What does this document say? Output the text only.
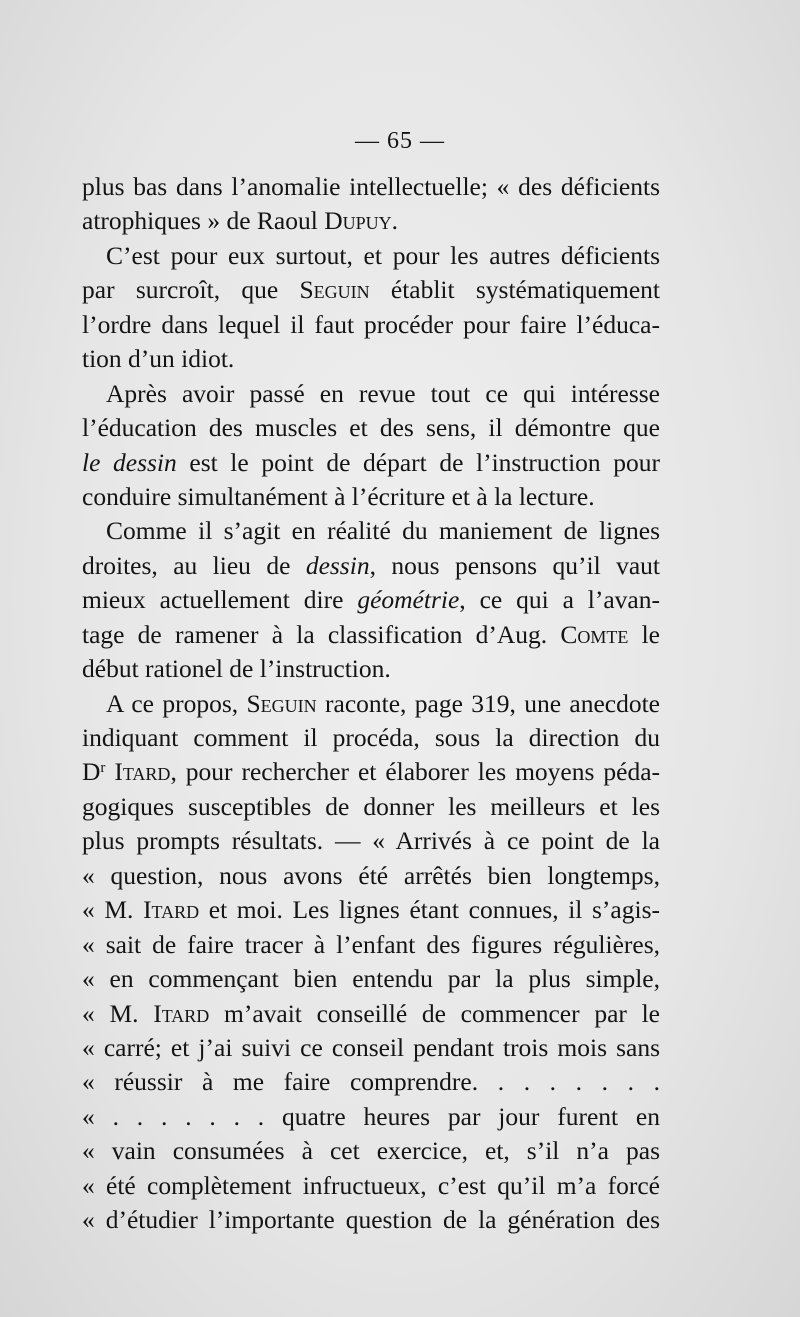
— 65 —
plus bas dans l’anomalie intellectuelle; « des déficients
atrophiques » de Raoul Dupuy.
C’est pour eux surtout, et pour les autres déficients
par surcroît, que Seguin établit systématiquement
l’ordre dans lequel il faut procéder pour faire l’éduca-
tion d’un idiot.
Après avoir passé en revue tout ce qui intéresse
l’éducation des muscles et des sens, il démontre que
le dessin est le point de départ de l’instruction pour
conduire simultanément à l’écriture et à la lecture.
Comme il s’agit en réalité du maniement de lignes
droites, au lieu de dessin, nous pensons qu’il vaut
mieux actuellement dire géométrie, ce qui a l’avan-
tage de ramener à la classification d’Aug. Comte le
début rationel de l’instruction.
A ce propos, Seguin raconte, page 319, une anecdote
indiquant comment il procéda, sous la direction du
$D^r$ Itard, pour rechercher et élaborer les moyens péda-
gogiques susceptibles de donner les meilleurs et les
plus prompts résultats. — « Arrivés à ce point de la
« question, nous avons été arrêtés bien longtemps,
« M. Itard et moi. Les lignes étant connues, il s’agis-
« sait de faire tracer à l’enfant des figures régulières,
« en commençant bien entendu par la plus simple,
« M. Itard m’avait conseillé de commencer par le
« carré; et j’ai suivi ce conseil pendant trois mois sans
« réussir à me faire comprendre. . . . . . . .
« . . . . . . . quatre heures par jour furent en
« vain consumées à cet exercice, et, s’il n’a pas
« été complètement infructueux, c’est qu’il m’a forcé
« d’étudier l’importante question de la génération des
